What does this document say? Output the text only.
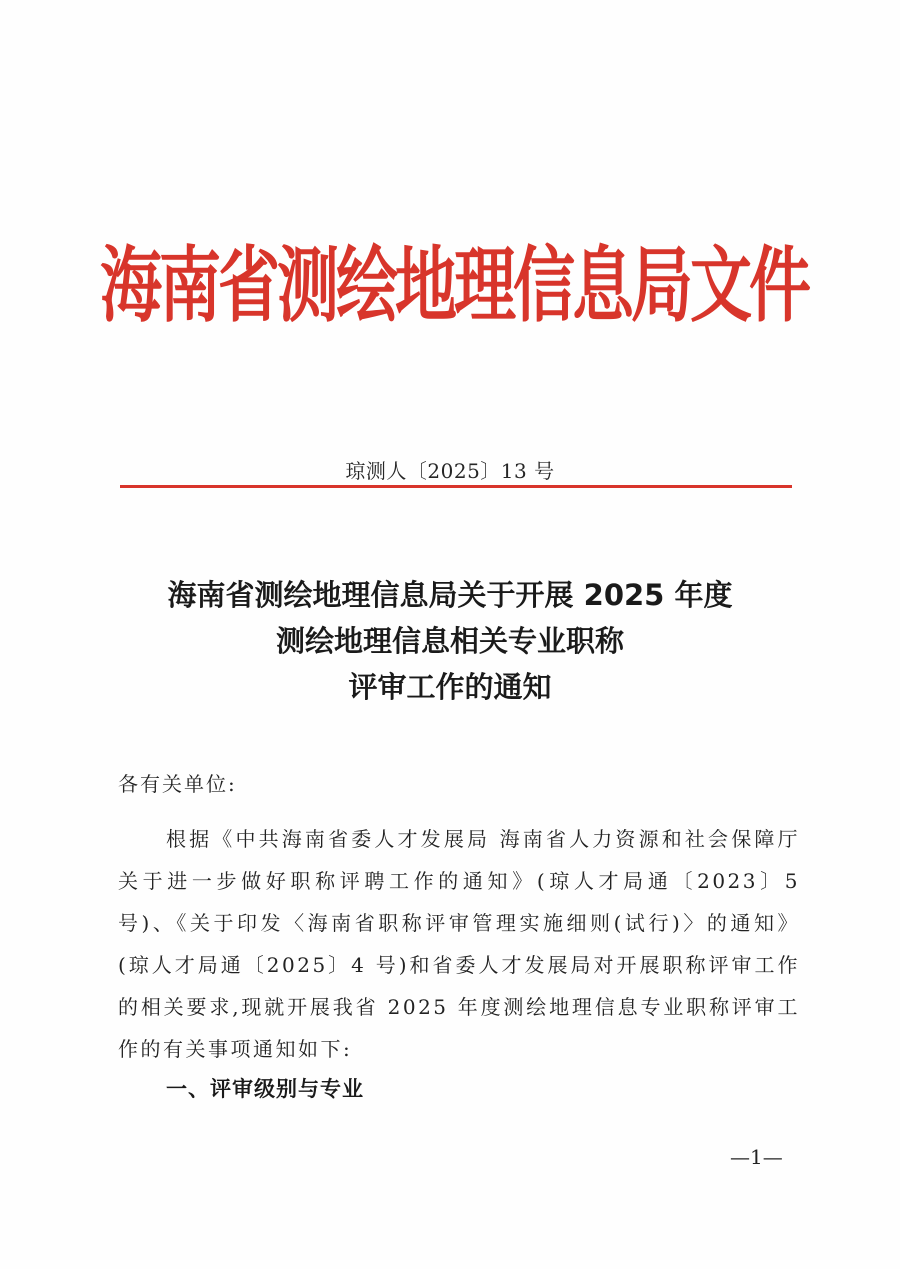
海南省测绘地理信息局文件
琼测人〔2025〕13 号
海南省测绘地理信息局关于开展 2025 年度
测绘地理信息相关专业职称
评审工作的通知
各有关单位:

根据《中共海南省委人才发展局 海南省人力资源和社会保障厅关于进一步做好职称评聘工作的通知》(琼人才局通〔2023〕5 号)、《关于印发〈海南省职称评审管理实施细则(试行)〉的通知》(琼人才局通〔2025〕4 号)和省委人才发展局对开展职称评审工作的相关要求,现就开展我省 2025 年度测绘地理信息专业职称评审工作的有关事项通知如下:

一、评审级别与专业
—1—
